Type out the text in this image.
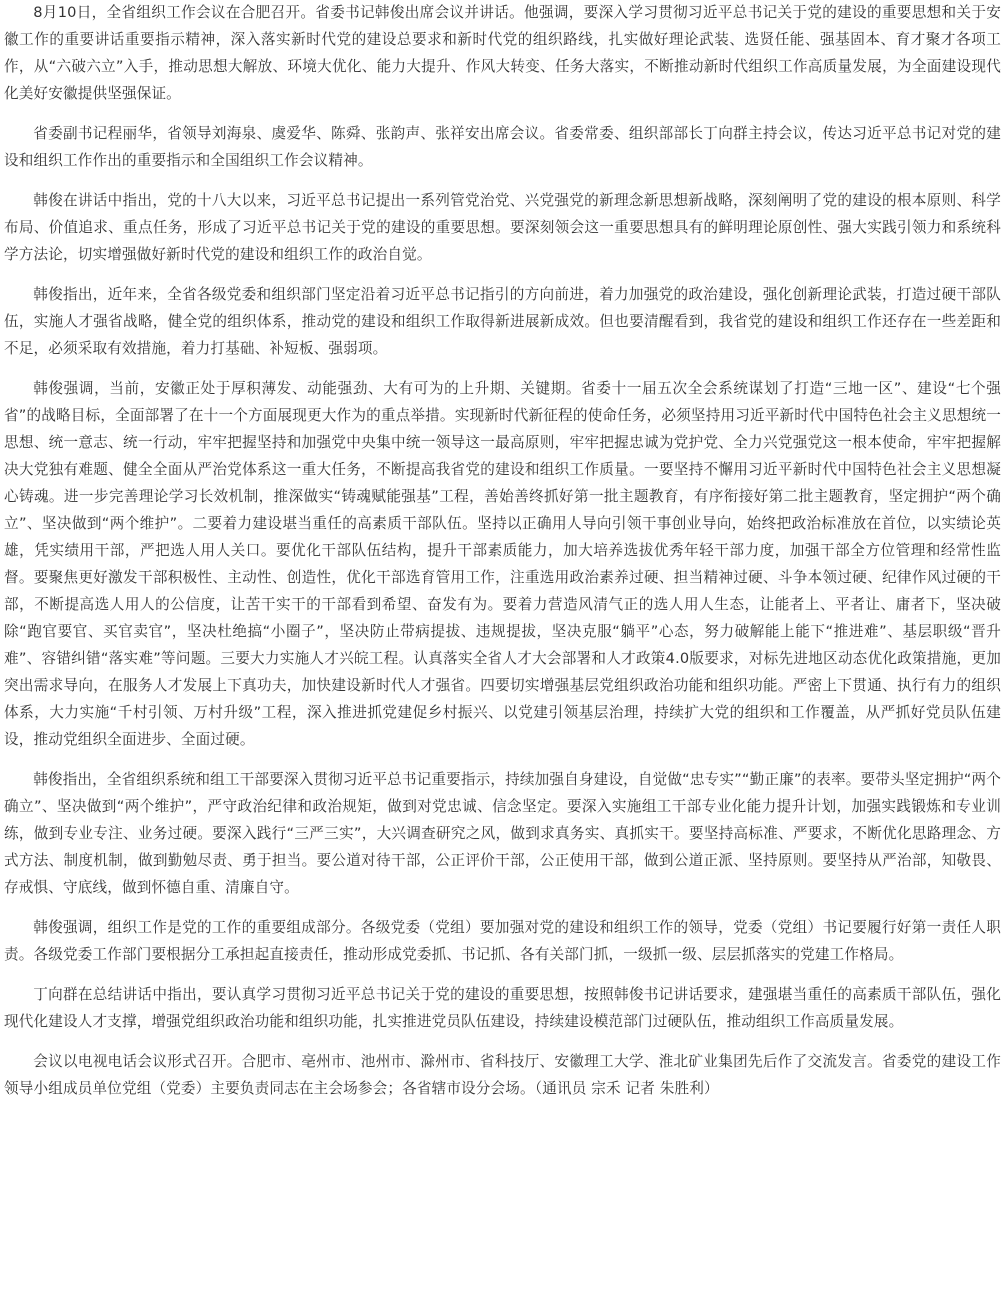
8月10日，全省组织工作会议在合肥召开。省委书记韩俊出席会议并讲话。他强调，要深入学习贯彻习近平总书记关于党的建设的重要思想和关于安徽工作的重要讲话重要指示精神，深入落实新时代党的建设总要求和新时代党的组织路线，扎实做好理论武装、选贤任能、强基固本、育才聚才各项工作，从“六破六立”入手，推动思想大解放、环境大优化、能力大提升、作风大转变、任务大落实，不断推动新时代组织工作高质量发展，为全面建设现代化美好安徽提供坚强保证。

省委副书记程丽华，省领导刘海泉、虞爱华、陈舜、张韵声、张祥安出席会议。省委常委、组织部部长丁向群主持会议，传达习近平总书记对党的建设和组织工作作出的重要指示和全国组织工作会议精神。

韩俊在讲话中指出，党的十八大以来，习近平总书记提出一系列管党治党、兴党强党的新理念新思想新战略，深刻阐明了党的建设的根本原则、科学布局、价值追求、重点任务，形成了习近平总书记关于党的建设的重要思想。要深刻领会这一重要思想具有的鲜明理论原创性、强大实践引领力和系统科学方法论，切实增强做好新时代党的建设和组织工作的政治自觉。

韩俊指出，近年来，全省各级党委和组织部门坚定沿着习近平总书记指引的方向前进，着力加强党的政治建设，强化创新理论武装，打造过硬干部队伍，实施人才强省战略，健全党的组织体系，推动党的建设和组织工作取得新进展新成效。但也要清醒看到，我省党的建设和组织工作还存在一些差距和不足，必须采取有效措施，着力打基础、补短板、强弱项。

韩俊强调，当前，安徽正处于厚积薄发、动能强劲、大有可为的上升期、关键期。省委十一届五次全会系统谋划了打造“三地一区”、建设“七个强省”的战略目标，全面部署了在十一个方面展现更大作为的重点举措。实现新时代新征程的使命任务，必须坚持用习近平新时代中国特色社会主义思想统一思想、统一意志、统一行动，牢牢把握坚持和加强党中央集中统一领导这一最高原则，牢牢把握忠诚为党护党、全力兴党强党这一根本使命，牢牢把握解决大党独有难题、健全全面从严治党体系这一重大任务，不断提高我省党的建设和组织工作质量。一要坚持不懈用习近平新时代中国特色社会主义思想凝心铸魂。进一步完善理论学习长效机制，推深做实“铸魂赋能强基”工程，善始善终抓好第一批主题教育，有序衔接好第二批主题教育，坚定拥护“两个确立”、坚决做到“两个维护”。二要着力建设堪当重任的高素质干部队伍。坚持以正确用人导向引领干事创业导向，始终把政治标准放在首位，以实绩论英雄，凭实绩用干部，严把选人用人关口。要优化干部队伍结构，提升干部素质能力，加大培养选拔优秀年轻干部力度，加强干部全方位管理和经常性监督。要聚焦更好激发干部积极性、主动性、创造性，优化干部选育管用工作，注重选用政治素养过硬、担当精神过硬、斗争本领过硬、纪律作风过硬的干部，不断提高选人用人的公信度，让苦干实干的干部看到希望、奋发有为。要着力营造风清气正的选人用人生态，让能者上、平者让、庸者下，坚决破除“跑官要官、买官卖官”，坚决杜绝搞“小圈子”，坚决防止带病提拔、违规提拔，坚决克服“躺平”心态，努力破解能上能下“推进难”、基层职级“晋升难”、容错纠错“落实难”等问题。三要大力实施人才兴皖工程。认真落实全省人才大会部署和人才政策4.0版要求，对标先进地区动态优化政策措施，更加突出需求导向，在服务人才发展上下真功夫，加快建设新时代人才强省。四要切实增强基层党组织政治功能和组织功能。严密上下贯通、执行有力的组织体系，大力实施“千村引领、万村升级”工程，深入推进抓党建促乡村振兴、以党建引领基层治理，持续扩大党的组织和工作覆盖，从严抓好党员队伍建设，推动党组织全面进步、全面过硬。

韩俊指出，全省组织系统和组工干部要深入贯彻习近平总书记重要指示，持续加强自身建设，自觉做“忠专实”“勤正廉”的表率。要带头坚定拥护“两个确立”、坚决做到“两个维护”，严守政治纪律和政治规矩，做到对党忠诚、信念坚定。要深入实施组工干部专业化能力提升计划，加强实践锻炼和专业训练，做到专业专注、业务过硬。要深入践行“三严三实”，大兴调查研究之风，做到求真务实、真抓实干。要坚持高标准、严要求，不断优化思路理念、方式方法、制度机制，做到勤勉尽责、勇于担当。要公道对待干部，公正评价干部，公正使用干部，做到公道正派、坚持原则。要坚持从严治部，知敬畏、存戒惧、守底线，做到怀德自重、清廉自守。

韩俊强调，组织工作是党的工作的重要组成部分。各级党委（党组）要加强对党的建设和组织工作的领导，党委（党组）书记要履行好第一责任人职责。各级党委工作部门要根据分工承担起直接责任，推动形成党委抓、书记抓、各有关部门抓，一级抓一级、层层抓落实的党建工作格局。

丁向群在总结讲话中指出，要认真学习贯彻习近平总书记关于党的建设的重要思想，按照韩俊书记讲话要求，建强堪当重任的高素质干部队伍，强化现代化建设人才支撑，增强党组织政治功能和组织功能，扎实推进党员队伍建设，持续建设模范部门过硬队伍，推动组织工作高质量发展。

会议以电视电话会议形式召开。合肥市、亳州市、池州市、滁州市、省科技厅、安徽理工大学、淮北矿业集团先后作了交流发言。省委党的建设工作领导小组成员单位党组（党委）主要负责同志在主会场参会；各省辖市设分会场。（通讯员 宗禾 记者 朱胜利）
